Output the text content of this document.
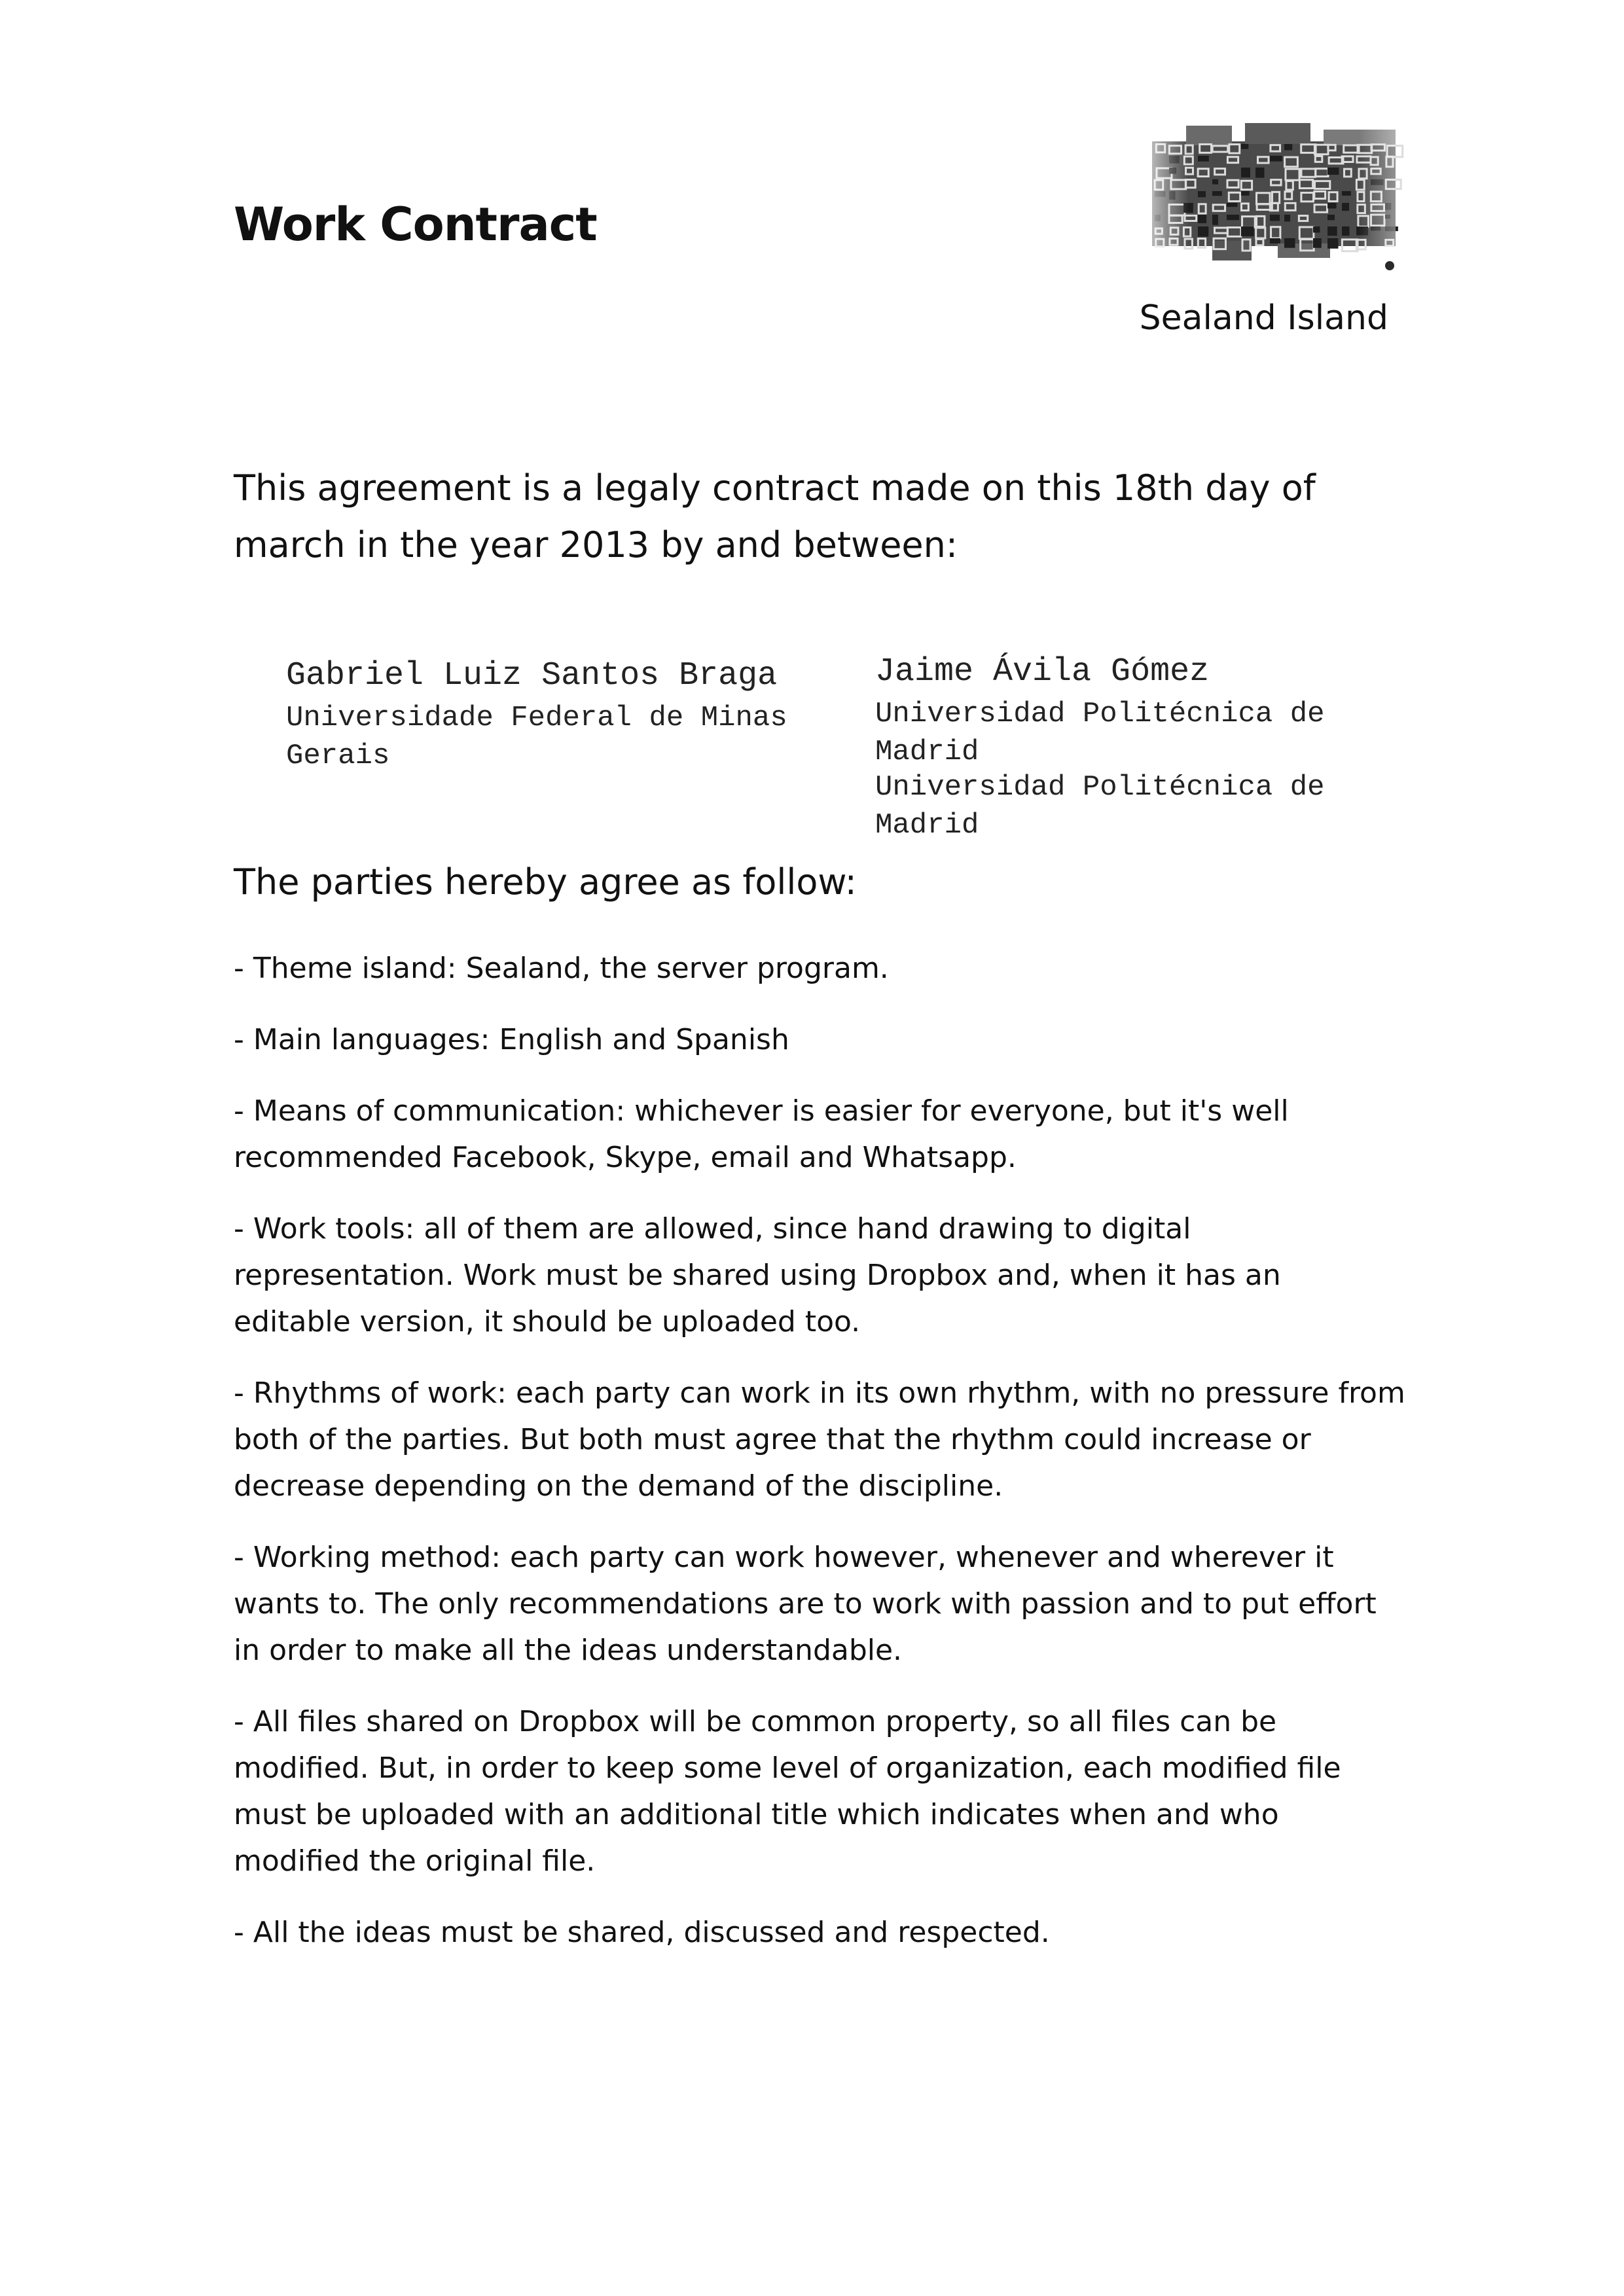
Work Contract
Sealand Island

This agreement is a legaly contract made on this 18th day of march in the year 2013 by and between:

Gabriel Luiz Santos Braga
Universidade Federal de Minas Gerais
Jaime Ávila Gómez
Universidad Politécnica de Madrid
Universidad Politécnica de Madrid
The parties hereby agree as follow:
- Theme island: Sealand, the server program.
- Main languages: English and Spanish
- Means of communication: whichever is easier for everyone, but it's well recommended Facebook, Skype, email and Whatsapp.
- Work tools: all of them are allowed, since hand drawing to digital representation. Work must be shared using Dropbox and, when it has an editable version, it should be uploaded too.
- Rhythms of work: each party can work in its own rhythm, with no pressure from both of the parties. But both must agree that the rhythm could increase or decrease depending on the demand of the discipline.
- Working method: each party can work however, whenever and wherever it wants to. The only recommendations are to work with passion and to put effort in order to make all the ideas understandable.
- All files shared on Dropbox will be common property, so all files can be modified. But, in order to keep some level of organization, each modified file must be uploaded with an additional title which indicates when and who modified the original file.
- All the ideas must be shared, discussed and respected.
